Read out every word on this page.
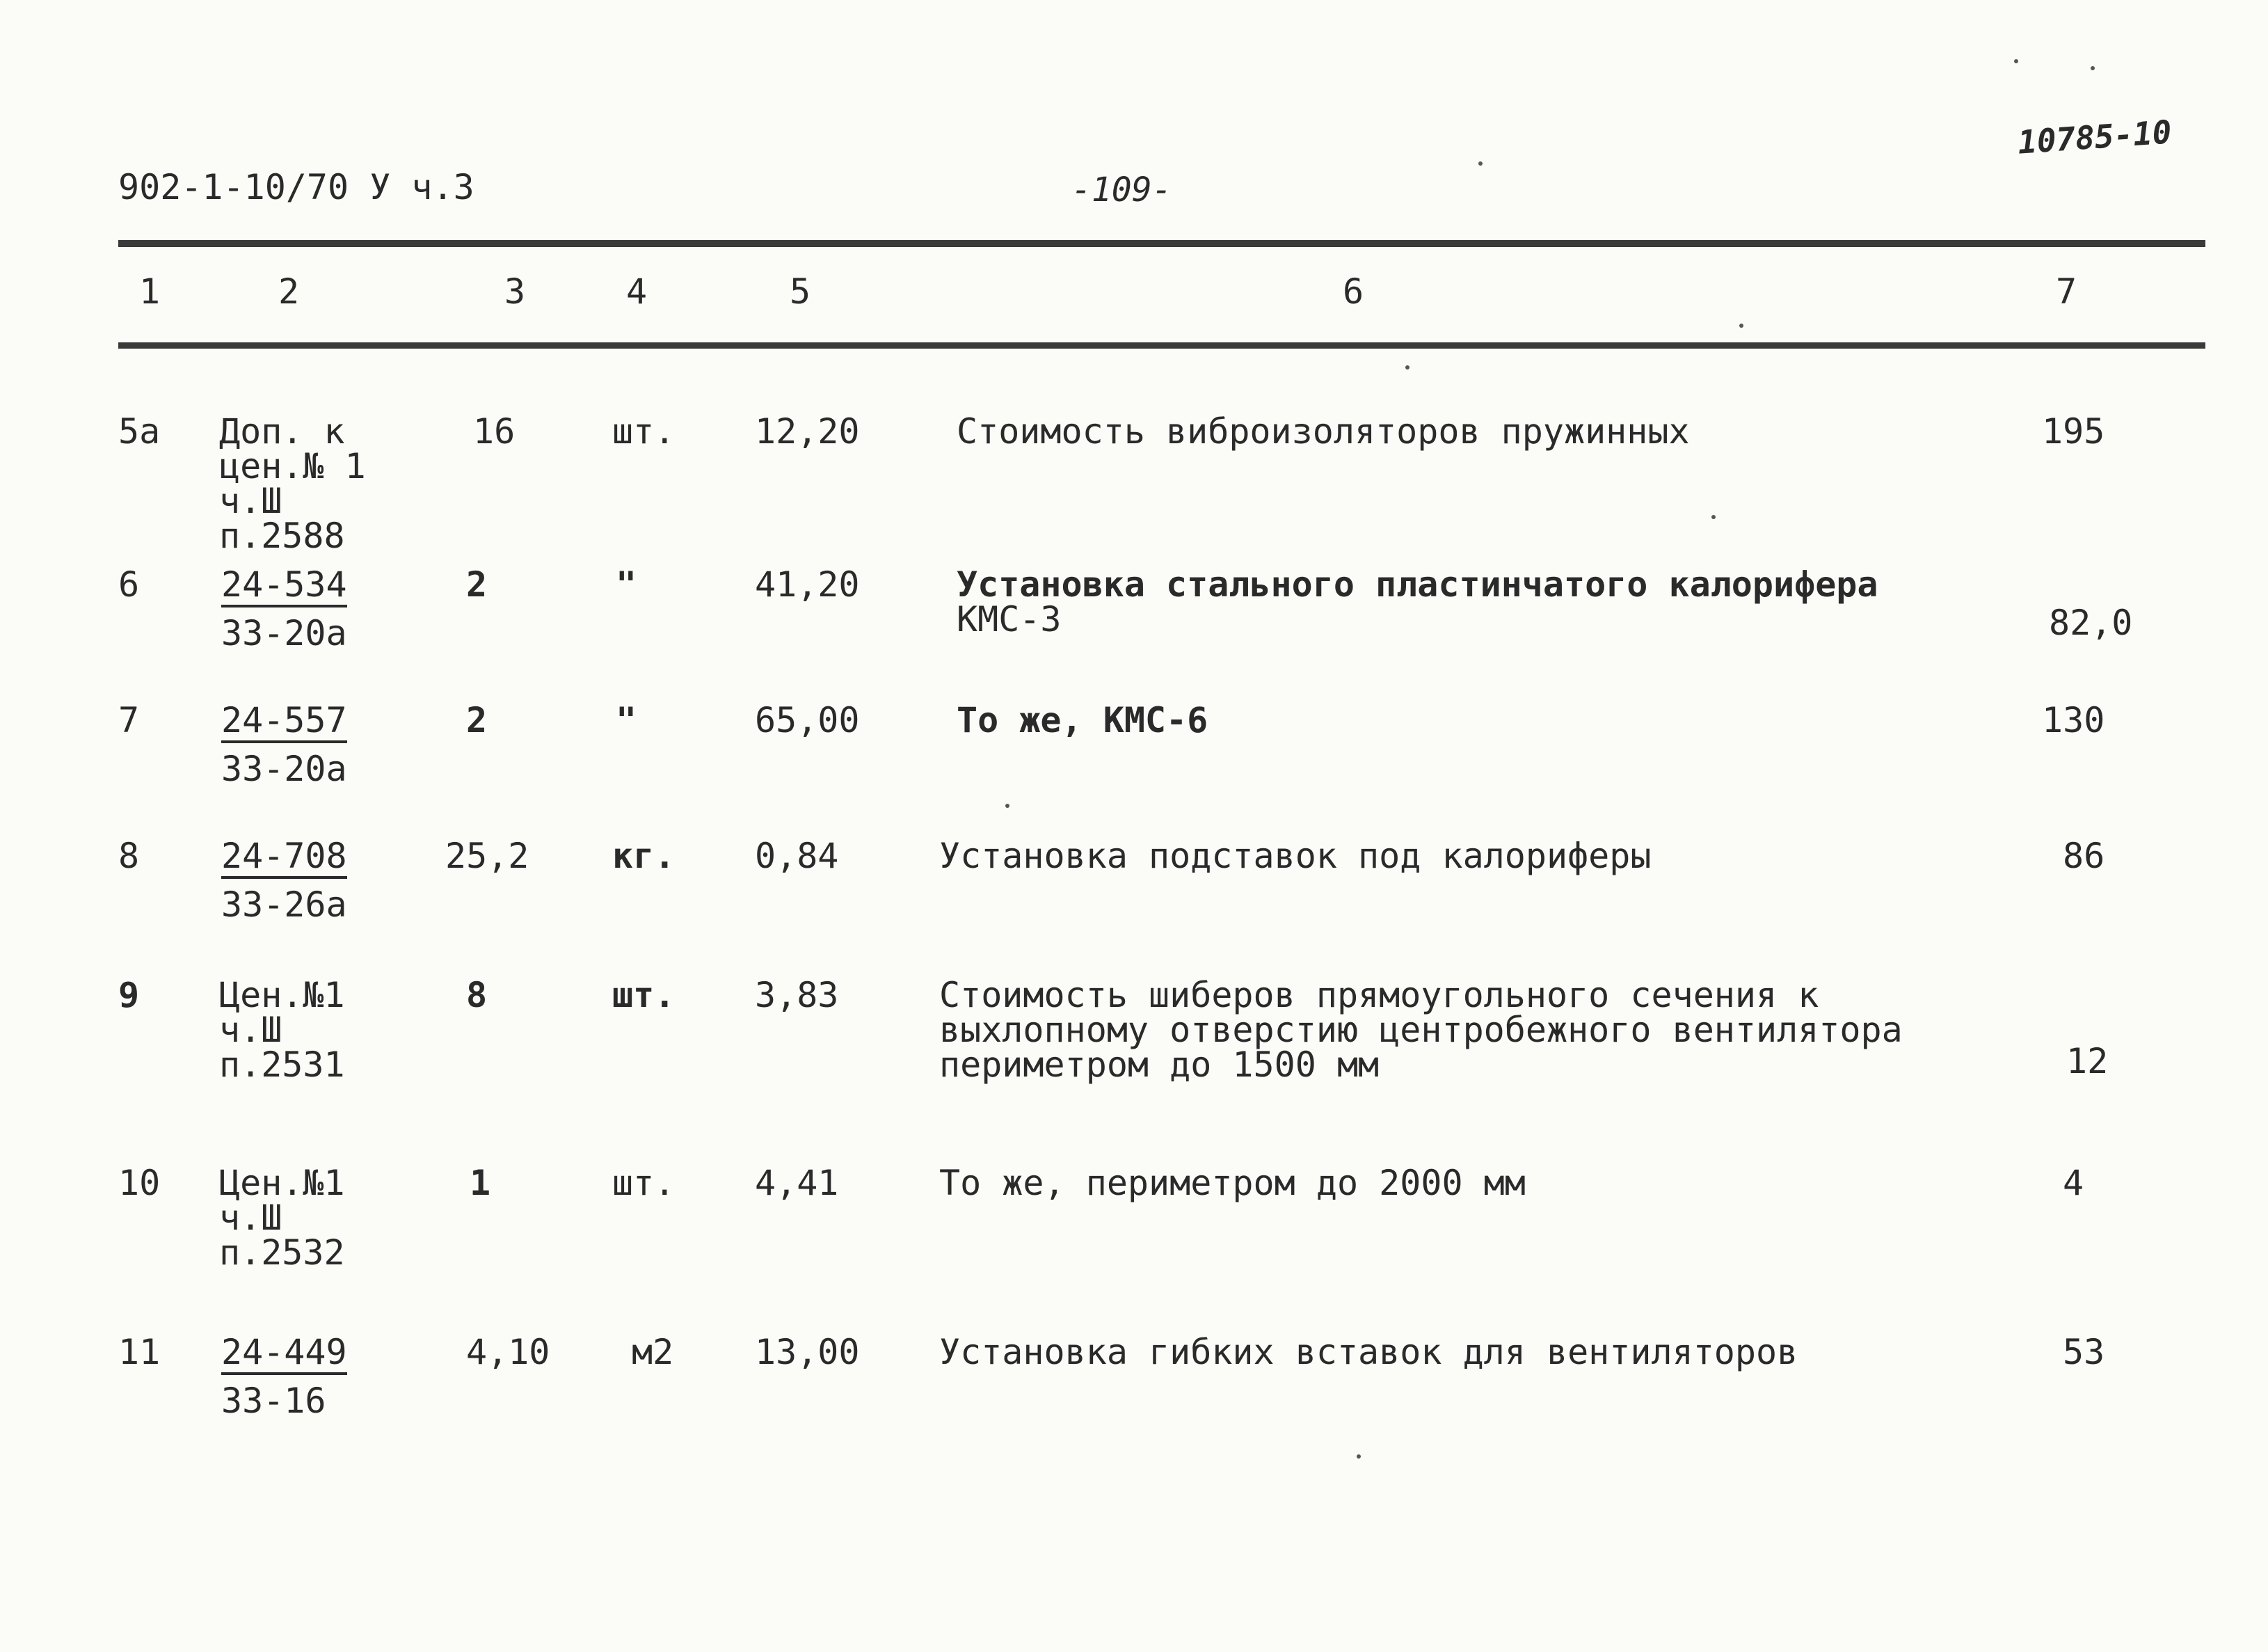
902-1-10/70 У ч.3	-109-
10785-10
1	2	3	4	5	6	7
5а Доп. к
цен.№ 1
ч.Ш
п.2588
16	шт. 12,20	Стоимость виброизоляторов пружинных	195
6 24-534
33-20а
2	"	41,20	Установка стального пластинчатого калорифера
КМС-3	82,0
7 24-557
33-20а
2	"	65,00	То же, КМС-6	130
8 24-708
33-26а
25,2 кг. 0,84	Установка подставок под калориферы	86
9 Цен.№1
ч.Ш
п.2531
8	шт. 3,83	Стоимость шиберов прямоугольного сечения к
выхлопному отверстию центробежного вентилятора
периметром до 1500 мм	12
10 Цен.№1
ч.Ш
п.2532
1	шт. 4,41	То же, периметром до 2000 мм	4
11 24-449
33-16
4,10 м2 13,00 Установка гибких вставок для вентиляторов	53
